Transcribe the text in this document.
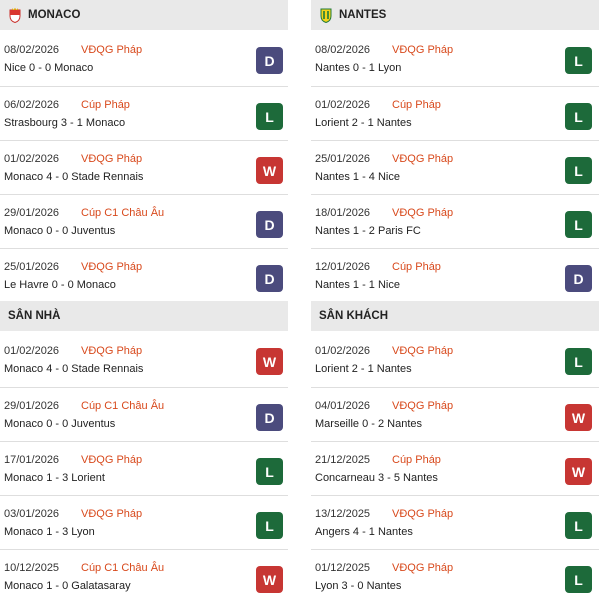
MONACO
08/02/2026 VĐQG Pháp
Nice 0 - 0 Monaco	D
06/02/2026 Cúp Pháp
Strasbourg 3 - 1 Monaco	L
01/02/2026 VĐQG Pháp
Monaco 4 - 0 Stade Rennais	W
29/01/2026 Cúp C1 Châu Âu
Monaco 0 - 0 Juventus	D
25/01/2026 VĐQG Pháp
Le Havre 0 - 0 Monaco	D
NANTES
08/02/2026 VĐQG Pháp
Nantes 0 - 1 Lyon	L
01/02/2026 Cúp Pháp
Lorient 2 - 1 Nantes	L
25/01/2026 VĐQG Pháp
Nantes 1 - 4 Nice	L
18/01/2026 VĐQG Pháp
Nantes 1 - 2 Paris FC	L
12/01/2026 Cúp Pháp
Nantes 1 - 1 Nice	D
SÂN NHÀ
01/02/2026 VĐQG Pháp
Monaco 4 - 0 Stade Rennais	W
29/01/2026 Cúp C1 Châu Âu
Monaco 0 - 0 Juventus	D
17/01/2026 VĐQG Pháp
Monaco 1 - 3 Lorient	L
03/01/2026 VĐQG Pháp
Monaco 1 - 3 Lyon	L
10/12/2025 Cúp C1 Châu Âu
Monaco 1 - 0 Galatasaray	W
SÂN KHÁCH
01/02/2026 VĐQG Pháp
Lorient 2 - 1 Nantes	L
04/01/2026 VĐQG Pháp
Marseille 0 - 2 Nantes	W
21/12/2025 Cúp Pháp
Concarneau 3 - 5 Nantes	W
13/12/2025 VĐQG Pháp
Angers 4 - 1 Nantes	L
01/12/2025 VĐQG Pháp
Lyon 3 - 0 Nantes	L
